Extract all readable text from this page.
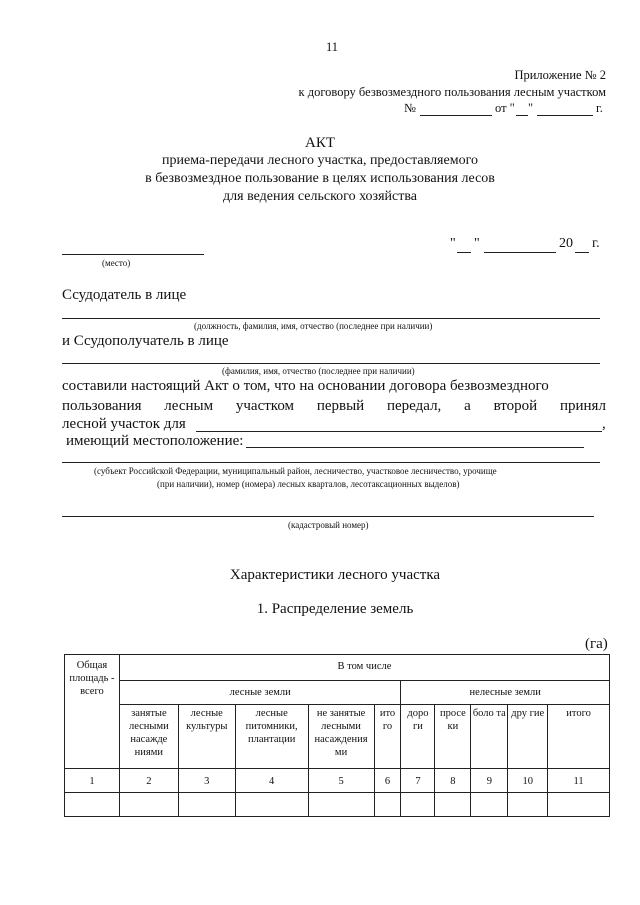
11
Приложение № 2
к договору безвозмездного пользования лесным участком
№	от " "	г.
АКТ
приема-передачи лесного участка, предоставляемого
в безвозмездное пользование в целях использования лесов
для ведения сельского хозяйства
(место)
" "	20 г.
Ссудодатель в лице
(должность, фамилия, имя, отчество (последнее при наличии)
и Ссудополучатель в лице
(фамилия, имя, отчество (последнее при наличии)
составили настоящий Акт о том, что на основании договора безвозмездного
пользования лесным участком первый передал, а второй принял
лесной участок для	,
имеющий местоположение:
(субъект Российской Федерации, муниципальный район, лесничество, участковое лесничество, урочище
(при наличии), номер (номера) лесных кварталов, лесотаксационных выделов)
(кадастровый номер)
Характеристики лесного участка
1. Распределение земель
(га)
Общая площадь - всего	В том числе									
	лесные земли					нелесные земли				
	занятые лесными насажде ниями	лесные культуры	лесные питомники, плантации	не занятые лесными насаждения ми	ито го	доро ги	просе ки	боло та	дру гие	итого
1	2	3	4	5	6	7	8	9	10	11
